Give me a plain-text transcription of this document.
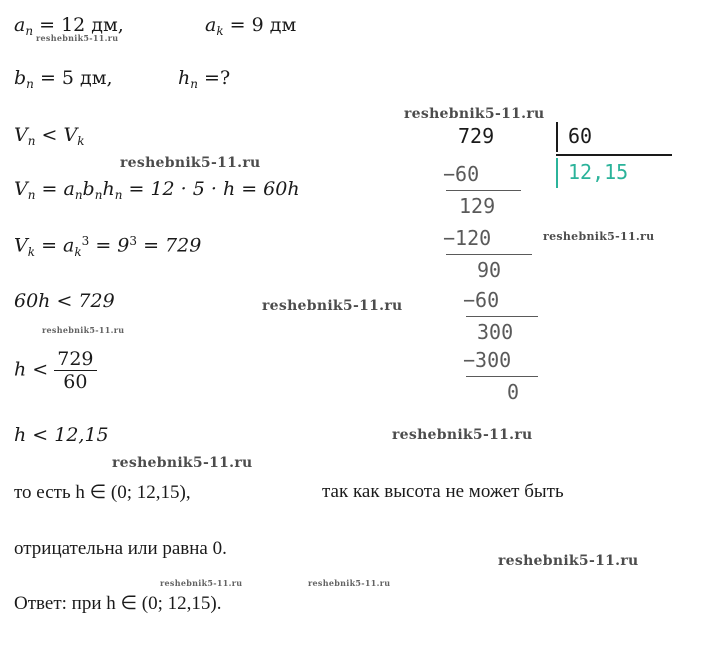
$a_n = 12$ дм,	$a_k = 9$ дм
$b_n = 5$ дм,	$h_n$ =?
$V_n < V_k$
$V_n = a_nb_nh_n = 12 \cdot 5 \cdot h = 60h$
$V_k = a_k^3 = 9^3 = 729$
60h < 729
$h < \frac{729}{60}$
h < 12,15
то есть h ∈ (0; 12,15),	так как высота не может быть
отрицательна или равна 0.
Ответ: при h ∈ (0; 12,15).
729	60
12,15
−60
129
−120
90
−60
300
−300
0
reshebnik5-11.ru
reshebnik5-11.ru
reshebnik5-11.ru
reshebnik5-11.ru
reshebnik5-11.ru
reshebnik5-11.ru
reshebnik5-11.ru
reshebnik5-11.ru
reshebnik5-11.ru
reshebnik5-11.ru	reshebnik5-11.ru
